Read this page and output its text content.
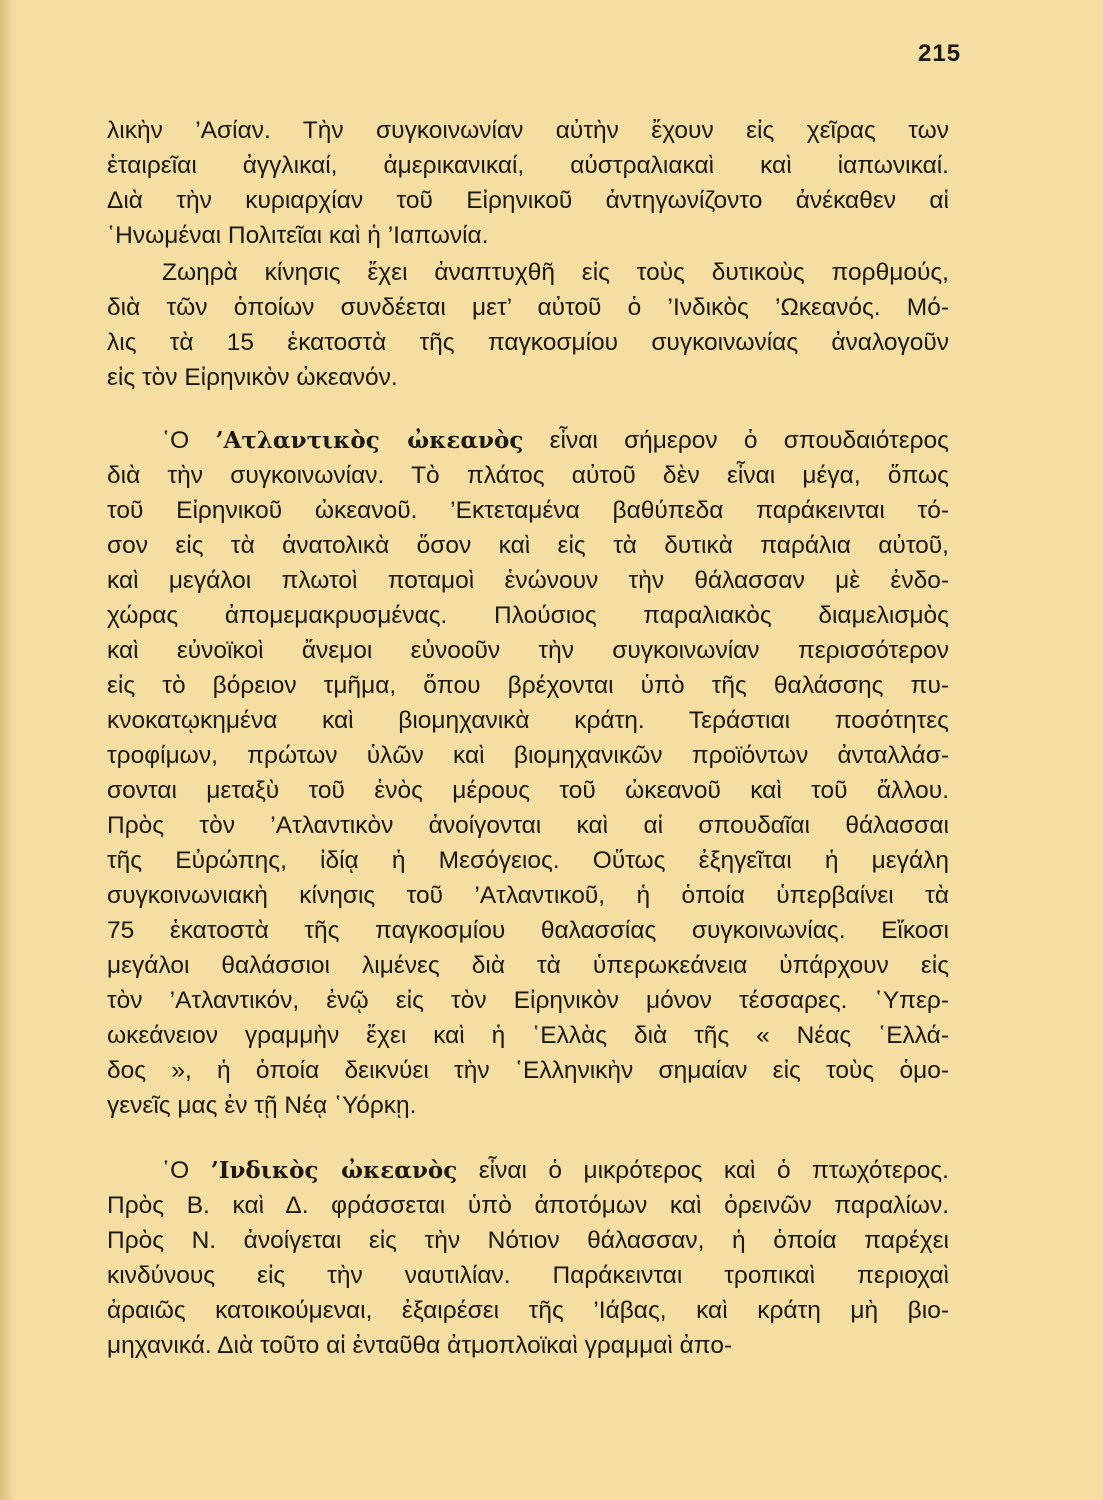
215
λικὴν ’Ασίαν. Τὴν συγκοινωνίαν αὐτὴν ἔχουν εἰς χεῖρας των
ἑταιρεῖαι ἀγγλικαί, ἀμερικανικαί, αὐστραλιακαὶ καὶ ἰαπωνικαί.
Διὰ τὴν κυριαρχίαν τοῦ Εἰρηνικοῦ ἀντηγωνίζοντο ἀνέκαθεν αἱ
῾Ηνωμέναι Πολιτεῖαι καὶ ἡ ’Ιαπωνία.
Ζωηρὰ κίνησις ἔχει ἀναπτυχθῆ εἰς τοὺς δυτικοὺς πορθμούς,
διὰ τῶν ὁποίων συνδέεται μετ’ αὐτοῦ ὁ ’Ινδικὸς ’Ωκεανός. Μό-
λις τὰ 15 ἑκατοστὰ τῆς παγκοσμίου συγκοινωνίας ἀναλογοῦν
εἰς τὸν Εἰρηνικὸν ὠκεανόν.
῾Ο ’Ατλαντικὸς ὠκεανὸς εἶναι σήμερον ὁ σπουδαιότερος
διὰ τὴν συγκοινωνίαν. Τὸ πλάτος αὐτοῦ δὲν εἶναι μέγα, ὅπως
τοῦ Εἰρηνικοῦ ὠκεανοῦ. ’Εκτεταμένα βαθύπεδα παράκεινται τό-
σον εἰς τὰ ἀνατολικὰ ὅσον καὶ εἰς τὰ δυτικὰ παράλια αὐτοῦ,
καὶ μεγάλοι πλωτοὶ ποταμοὶ ἑνώνουν τὴν θάλασσαν μὲ ἐνδο-
χώρας ἀπομεμακρυσμένας. Πλούσιος παραλιακὸς διαμελισμὸς
καὶ εὐνοϊκοὶ ἄνεμοι εὐνοοῦν τὴν συγκοινωνίαν περισσότερον
εἰς τὸ βόρειον τμῆμα, ὅπου βρέχονται ὑπὸ τῆς θαλάσσης πυ-
κνοκατῳκημένα καὶ βιομηχανικὰ κράτη. Τεράστιαι ποσότητες
τροφίμων, πρώτων ὑλῶν καὶ βιομηχανικῶν προϊόντων ἀνταλλάσ-
σονται μεταξὺ τοῦ ἑνὸς μέρους τοῦ ὠκεανοῦ καὶ τοῦ ἄλλου.
Πρὸς τὸν ’Ατλαντικὸν ἀνοίγονται καὶ αἱ σπουδαῖαι θάλασσαι
τῆς Εὐρώπης, ἰδίᾳ ἡ Μεσόγειος. Οὕτως ἐξηγεῖται ἡ μεγάλη
συγκοινωνιακὴ κίνησις τοῦ ’Ατλαντικοῦ, ἡ ὁποία ὑπερβαίνει τὰ
75 ἑκατοστὰ τῆς παγκοσμίου θαλασσίας συγκοινωνίας. Εἴκοσι
μεγάλοι θαλάσσιοι λιμένες διὰ τὰ ὑπερωκεάνεια ὑπάρχουν εἰς
τὸν ’Ατλαντικόν, ἐνῷ εἰς τὸν Εἰρηνικὸν μόνον τέσσαρες. ῾Υπερ-
ωκεάνειον γραμμὴν ἔχει καὶ ἡ ῾Ελλὰς διὰ τῆς « Νέας ῾Ελλά-
δος », ἡ ὁποία δεικνύει τὴν ῾Ελληνικὴν σημαίαν εἰς τοὺς ὁμο-
γενεῖς μας ἐν τῇ Νέᾳ ῾Υόρκῃ.
῾Ο ’Ινδικὸς ὠκεανὸς εἶναι ὁ μικρότερος καὶ ὁ πτωχότερος.
Πρὸς Β. καὶ Δ. φράσσεται ὑπὸ ἀποτόμων καὶ ὀρεινῶν παραλίων.
Πρὸς Ν. ἀνοίγεται εἰς τὴν Νότιον θάλασσαν, ἡ ὁποία παρέχει
κινδύνους εἰς τὴν ναυτιλίαν. Παράκεινται τροπικαὶ περιοχαὶ
ἀραιῶς κατοικούμεναι, ἐξαιρέσει τῆς ’Ιάβας, καὶ κράτη μὴ βιο-
μηχανικά. Διὰ τοῦτο αἱ ἐνταῦθα ἀτμοπλοϊκαὶ γραμμαὶ ἀπο-
